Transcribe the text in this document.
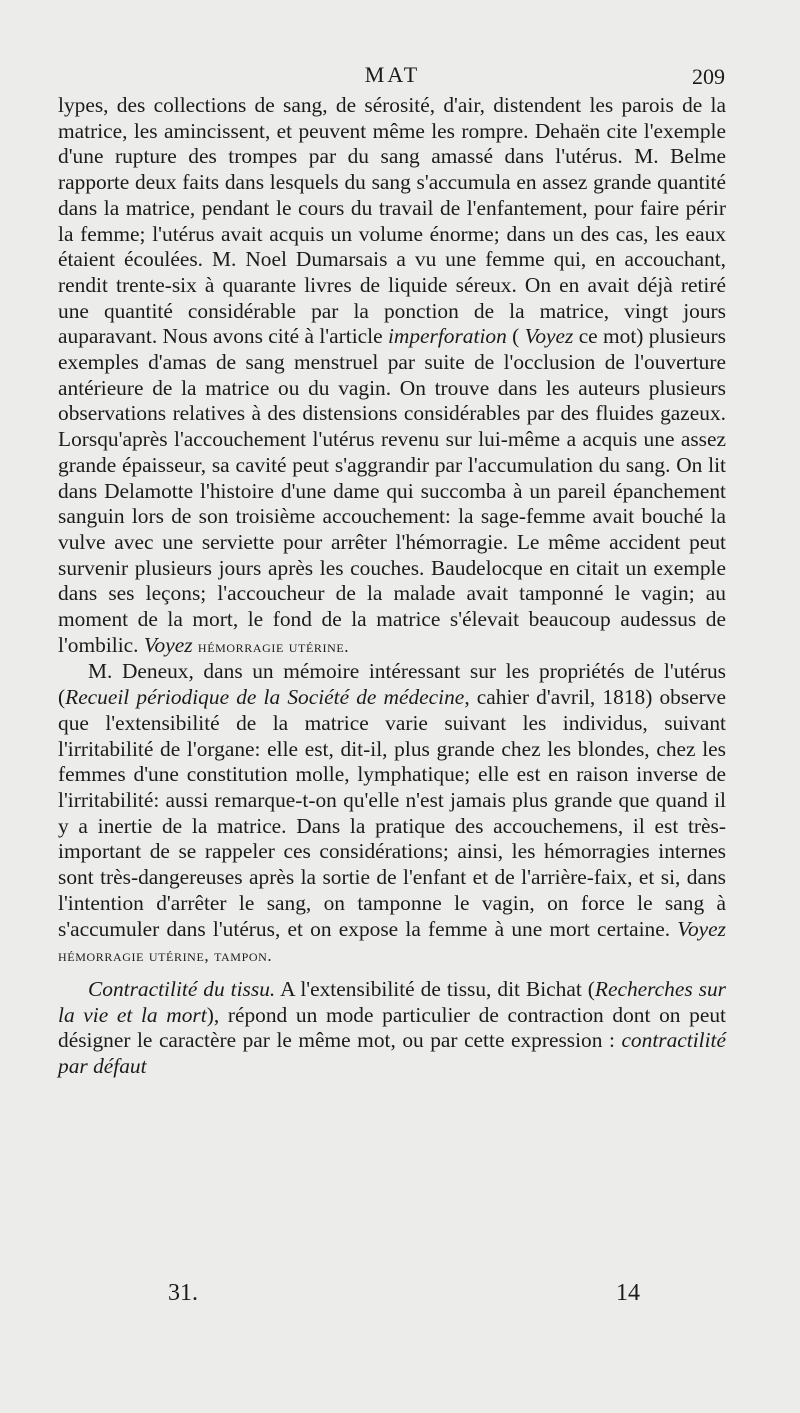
MAT	209

lypes, des collections de sang, de sérosité, d'air, distendent les parois de la matrice, les amincissent, et peuvent même les rompre. Dehaën cite l'exemple d'une rupture des trompes par du sang amassé dans l'utérus. M. Belme rapporte deux faits dans lesquels du sang s'accumula en assez grande quantité dans la matrice, pendant le cours du travail de l'enfantement, pour faire périr la femme; l'utérus avait acquis un volume énorme; dans un des cas, les eaux étaient écoulées. M. Noel Dumarsais a vu une femme qui, en accouchant, rendit trente-six à quarante livres de liquide séreux. On en avait déjà retiré une quantité considérable par la ponction de la matrice, vingt jours auparavant. Nous avons cité à l'article imperforation ( Voyez ce mot) plusieurs exemples d'amas de sang menstruel par suite de l'occlusion de l'ouverture antérieure de la matrice ou du vagin. On trouve dans les auteurs plusieurs observations relatives à des distensions considérables par des fluides gazeux. Lorsqu'après l'accouchement l'utérus revenu sur lui-même a acquis une assez grande épaisseur, sa cavité peut s'aggrandir par l'accumulation du sang. On lit dans Delamotte l'histoire d'une dame qui succomba à un pareil épanchement sanguin lors de son troisième accouchement: la sage-femme avait bouché la vulve avec une serviette pour arrêter l'hémorragie. Le même accident peut survenir plusieurs jours après les couches. Baudelocque en citait un exemple dans ses leçons; l'accoucheur de la malade avait tamponné le vagin; au moment de la mort, le fond de la matrice s'élevait beaucoup audessus de l'ombilic. Voyez hémorragie utérine.

M. Deneux, dans un mémoire intéressant sur les propriétés de l'utérus (Recueil périodique de la Société de médecine, cahier d'avril, 1818) observe que l'extensibilité de la matrice varie suivant les individus, suivant l'irritabilité de l'organe: elle est, dit-il, plus grande chez les blondes, chez les femmes d'une constitution molle, lymphatique; elle est en raison inverse de l'irritabilité: aussi remarque-t-on qu'elle n'est jamais plus grande que quand il y a inertie de la matrice. Dans la pratique des accouchemens, il est très-important de se rappeler ces considérations; ainsi, les hémorragies internes sont très-dangereuses après la sortie de l'enfant et de l'arrière-faix, et si, dans l'intention d'arrêter le sang, on tamponne le vagin, on force le sang à s'accumuler dans l'utérus, et on expose la femme à une mort certaine. Voyez hémorragie utérine, tampon.

Contractilité du tissu. A l'extensibilité de tissu, dit Bichat (Recherches sur la vie et la mort), répond un mode particulier de contraction dont on peut désigner le caractère par le même mot, ou par cette expression : contractilité par défaut

31.	14
